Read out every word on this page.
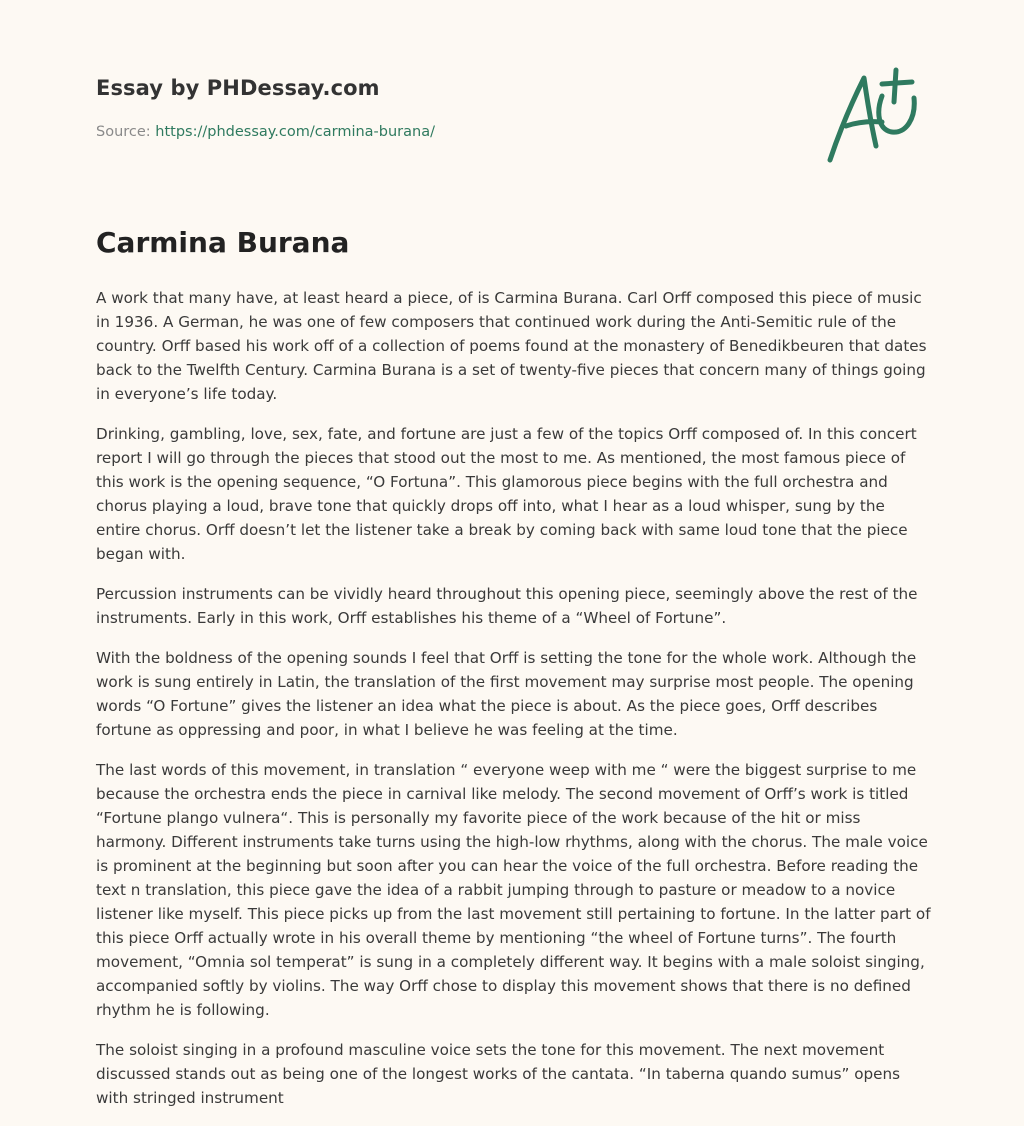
Essay by PHDessay.com

Source: https://phdessay.com/carmina-burana/

Carmina Burana

A work that many have, at least heard a piece, of is Carmina Burana. Carl Orff composed this piece of music in 1936. A German, he was one of few composers that continued work during the Anti-Semitic rule of the country. Orff based his work off of a collection of poems found at the monastery of Benedikbeuren that dates back to the Twelfth Century. Carmina Burana is a set of twenty-five pieces that concern many of things going in everyone’s life today.

Drinking, gambling, love, sex, fate, and fortune are just a few of the topics Orff composed of. In this concert report I will go through the pieces that stood out the most to me. As mentioned, the most famous piece of this work is the opening sequence, “O Fortuna”. This glamorous piece begins with the full orchestra and chorus playing a loud, brave tone that quickly drops off into, what I hear as a loud whisper, sung by the entire chorus. Orff doesn’t let the listener take a break by coming back with same loud tone that the piece began with.

Percussion instruments can be vividly heard throughout this opening piece, seemingly above the rest of the instruments. Early in this work, Orff establishes his theme of a “Wheel of Fortune”.

With the boldness of the opening sounds I feel that Orff is setting the tone for the whole work. Although the work is sung entirely in Latin, the translation of the first movement may surprise most people. The opening words “O Fortune” gives the listener an idea what the piece is about. As the piece goes, Orff describes fortune as oppressing and poor, in what I believe he was feeling at the time.

The last words of this movement, in translation “ everyone weep with me “ were the biggest surprise to me because the orchestra ends the piece in carnival like melody. The second movement of Orff’s work is titled “Fortune plango vulnera“. This is personally my favorite piece of the work because of the hit or miss harmony. Different instruments take turns using the high-low rhythms, along with the chorus. The male voice is prominent at the beginning but soon after you can hear the voice of the full orchestra. Before reading the text n translation, this piece gave the idea of a rabbit jumping through to pasture or meadow to a novice listener like myself. This piece picks up from the last movement still pertaining to fortune. In the latter part of this piece Orff actually wrote in his overall theme by mentioning “the wheel of Fortune turns”. The fourth movement, “Omnia sol temperat” is sung in a completely different way. It begins with a male soloist singing, accompanied softly by violins. The way Orff chose to display this movement shows that there is no defined rhythm he is following.

The soloist singing in a profound masculine voice sets the tone for this movement. The next movement discussed stands out as being one of the longest works of the cantata. “In taberna quando sumus” opens with stringed instrument
